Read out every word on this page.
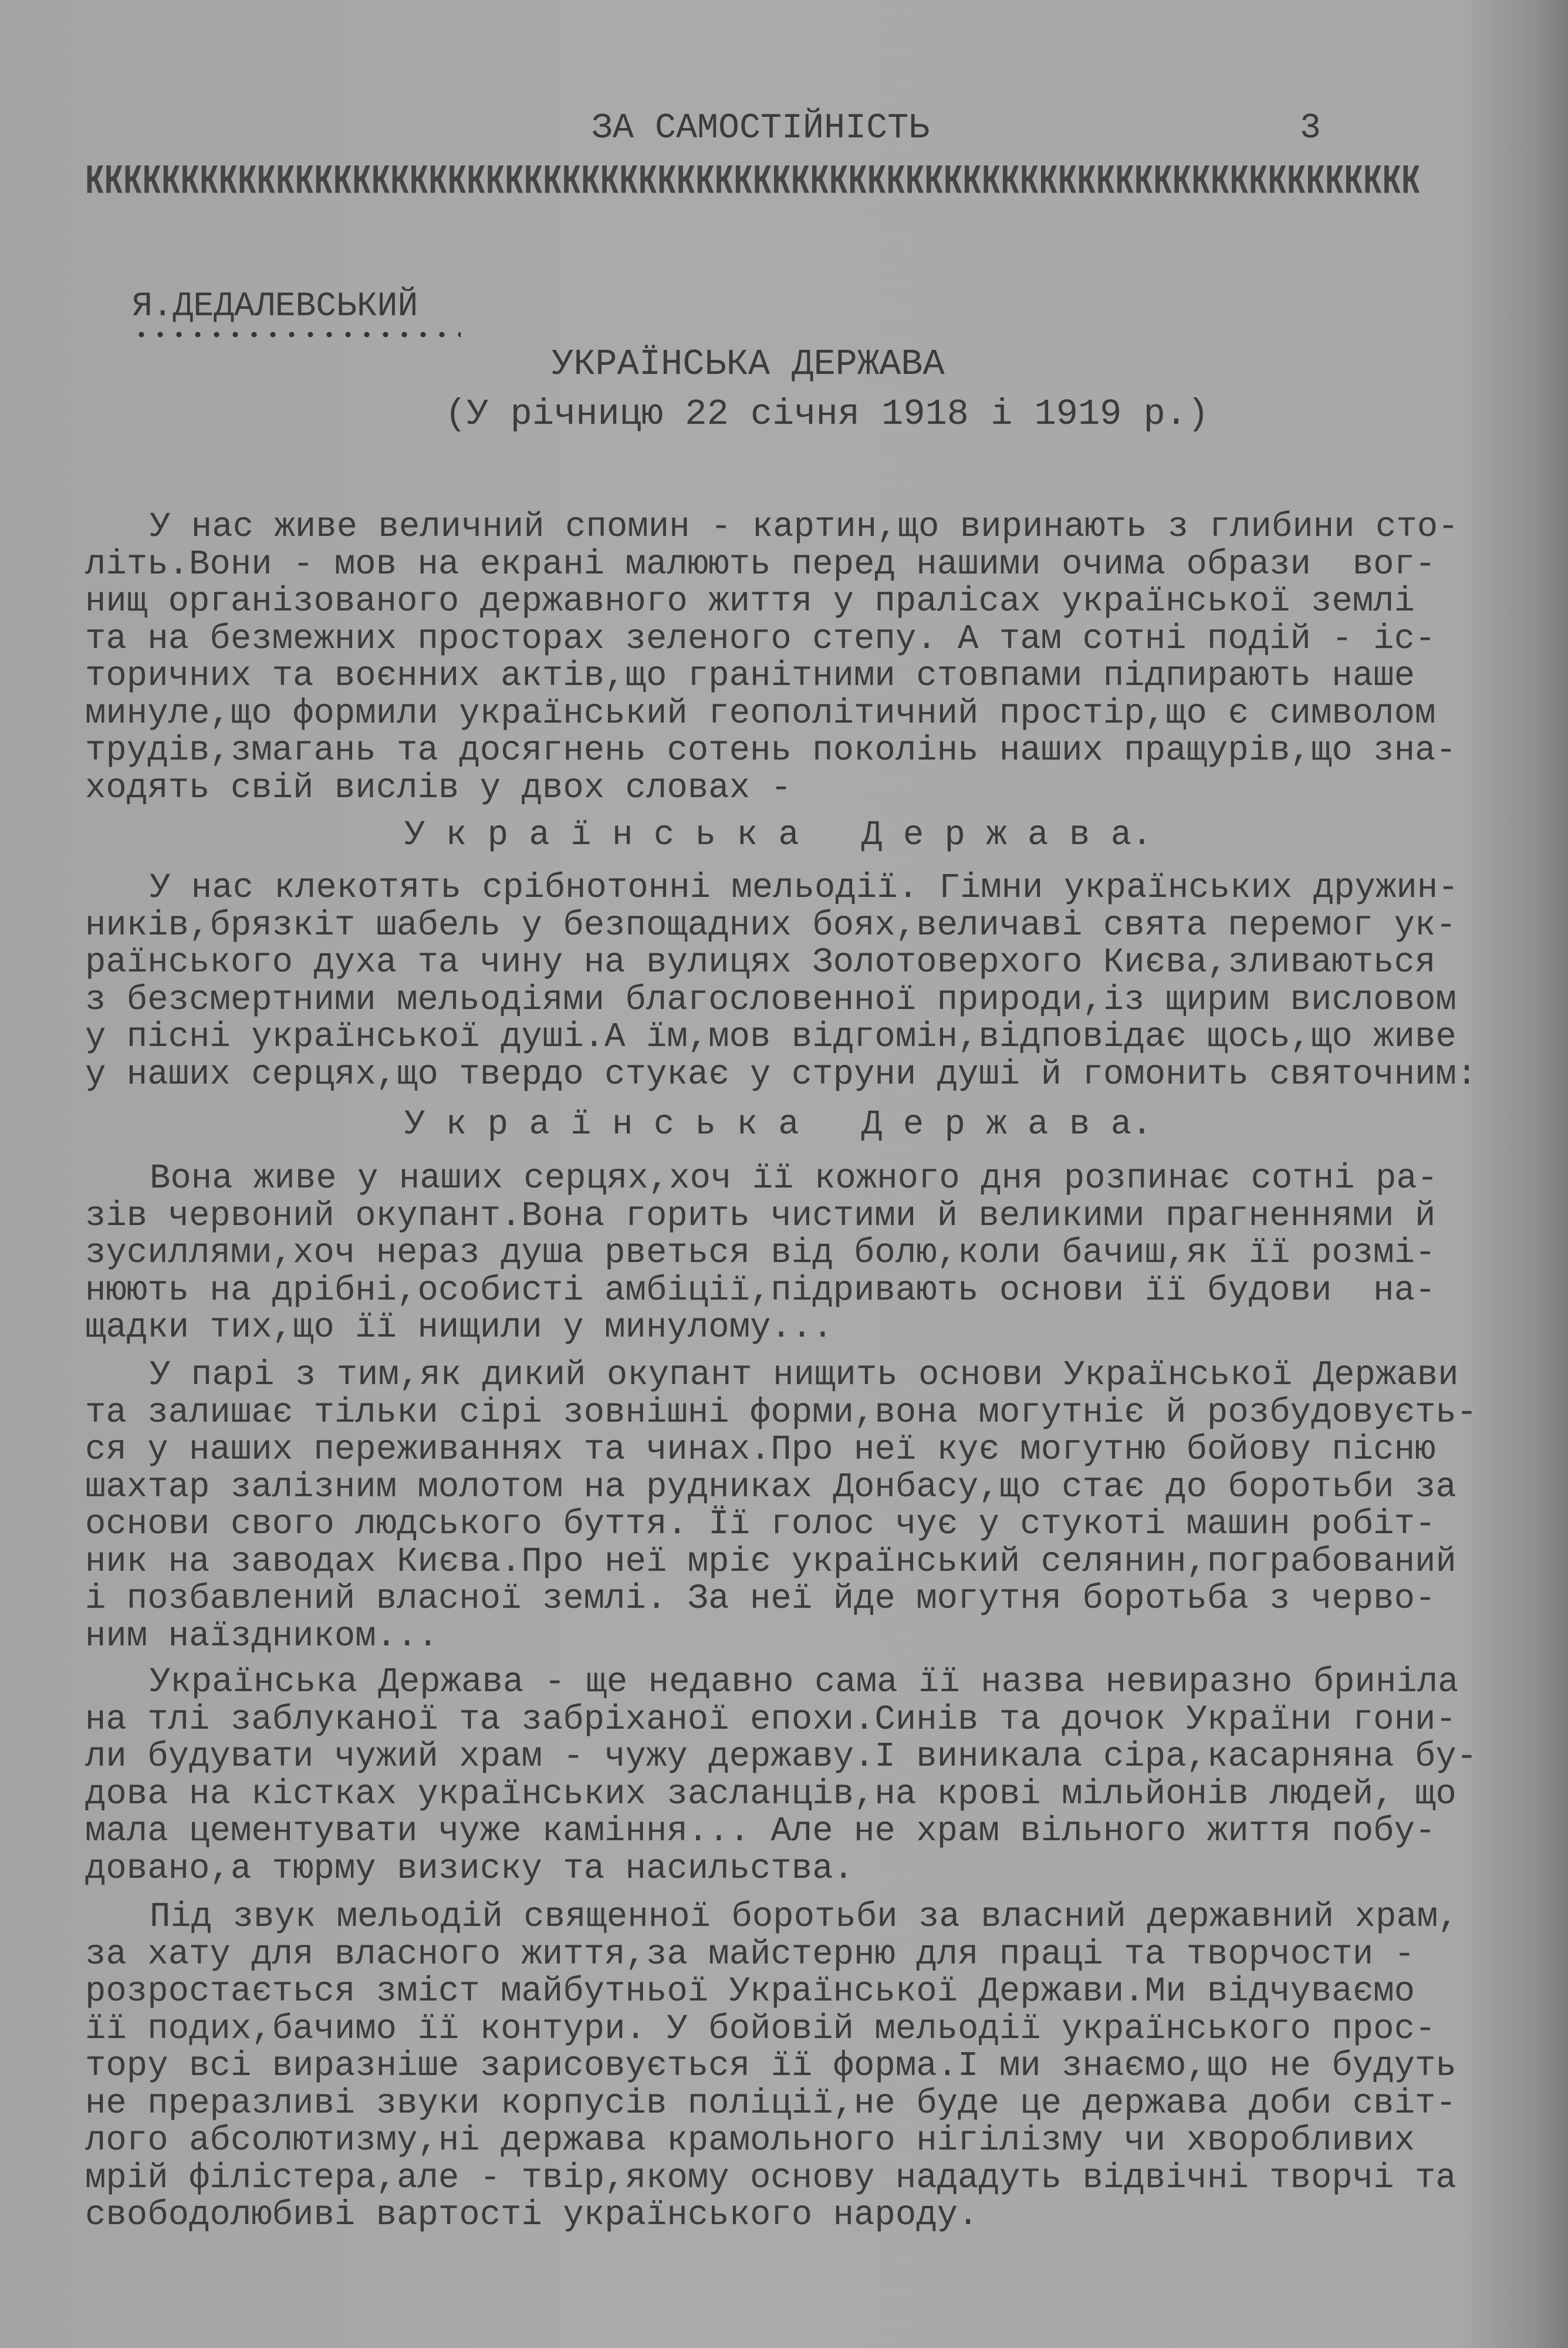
ЗА САМОСТІЙНІСТЬ	3
кккккккккккккккккккккккккккккккккккккккккккккккккккккккккккккккккккккк
Я.ДЕДАЛЕВСЬКИЙ
УКРАЇНСЬКА ДЕРЖАВА
(У річницю 22 січня 1918 і 1919 р.)
У нас живе величний спомин - картин,що виринають з глибини сто-
літь.Вони - мов на екрані малюють перед нашими очима образи  вог-
нищ організованого державного життя у пралісах української землі
та на безмежних просторах зеленого степу. А там сотні подій - іс-
торичних та воєнних актів,що гранітними стовпами підпирають наше
минуле,що формили український геополітичний простір,що є символом
трудів,змагань та досягнень сотень поколінь наших пращурів,що зна-
ходять свій вислів у двох словах -
У к р а ї н с ь к а   Д е р ж а в а.
У нас клекотять срібнотонні мельодії. Гімни українських дружин-
ників,брязкіт шабель у безпощадних боях,величаві свята перемог ук-
раїнського духа та чину на вулицях Золотоверхого Києва,зливаються
з безсмертними мельодіями благословенної природи,із щирим висловом
у пісні української душі.А їм,мов відгомін,відповідає щось,що живе
у наших серцях,що твердо стукає у струни душі й гомонить святочним:
У к р а ї н с ь к а   Д е р ж а в а.
Вона живе у наших серцях,хоч її кожного дня розпинає сотні ра-
зів червоний окупант.Вона горить чистими й великими прагненнями й
зусиллями,хоч нераз душа рветься від болю,коли бачиш,як її розмі-
нюють на дрібні,особисті амбіції,підривають основи її будови  на-
щадки тих,що її нищили у минулому...
У парі з тим,як дикий окупант нищить основи Української Держави
та залишає тільки сірі зовнішні форми,вона могутніє й розбудовуєть-
ся у наших переживаннях та чинах.Про неї кує могутню бойову пісню
шахтар залізним молотом на рудниках Донбасу,що стає до боротьби за
основи свого людського буття. Її голос чує у стукоті машин робіт-
ник на заводах Києва.Про неї мріє український селянин,пограбований
і позбавлений власної землі. За неї йде могутня боротьба з черво-
ним наїздником...
Українська Держава - ще недавно сама її назва невиразно бриніла
на тлі заблуканої та забріханої епохи.Синів та дочок України гони-
ли будувати чужий храм - чужу державу.І виникала сіра,касарняна бу-
дова на кістках українських засланців,на крові мільйонів людей, що
мала цементувати чуже каміння... Але не храм вільного життя побу-
довано,а тюрму визиску та насильства.
Під звук мельодій священної боротьби за власний державний храм,
за хату для власного життя,за майстерню для праці та творчости -
розростається зміст майбутньої Української Держави.Ми відчуваємо
її подих,бачимо її контури. У бойовій мельодії українського прос-
тору всі виразніше зарисовується її форма.І ми знаємо,що не будуть
не преразливі звуки корпусів поліції,не буде це держава доби світ-
лого абсолютизму,ні держава крамольного нігілізму чи хворобливих
мрій філістера,але - твір,якому основу нададуть відвічні творчі та
свободолюбиві вартості українського народу.
